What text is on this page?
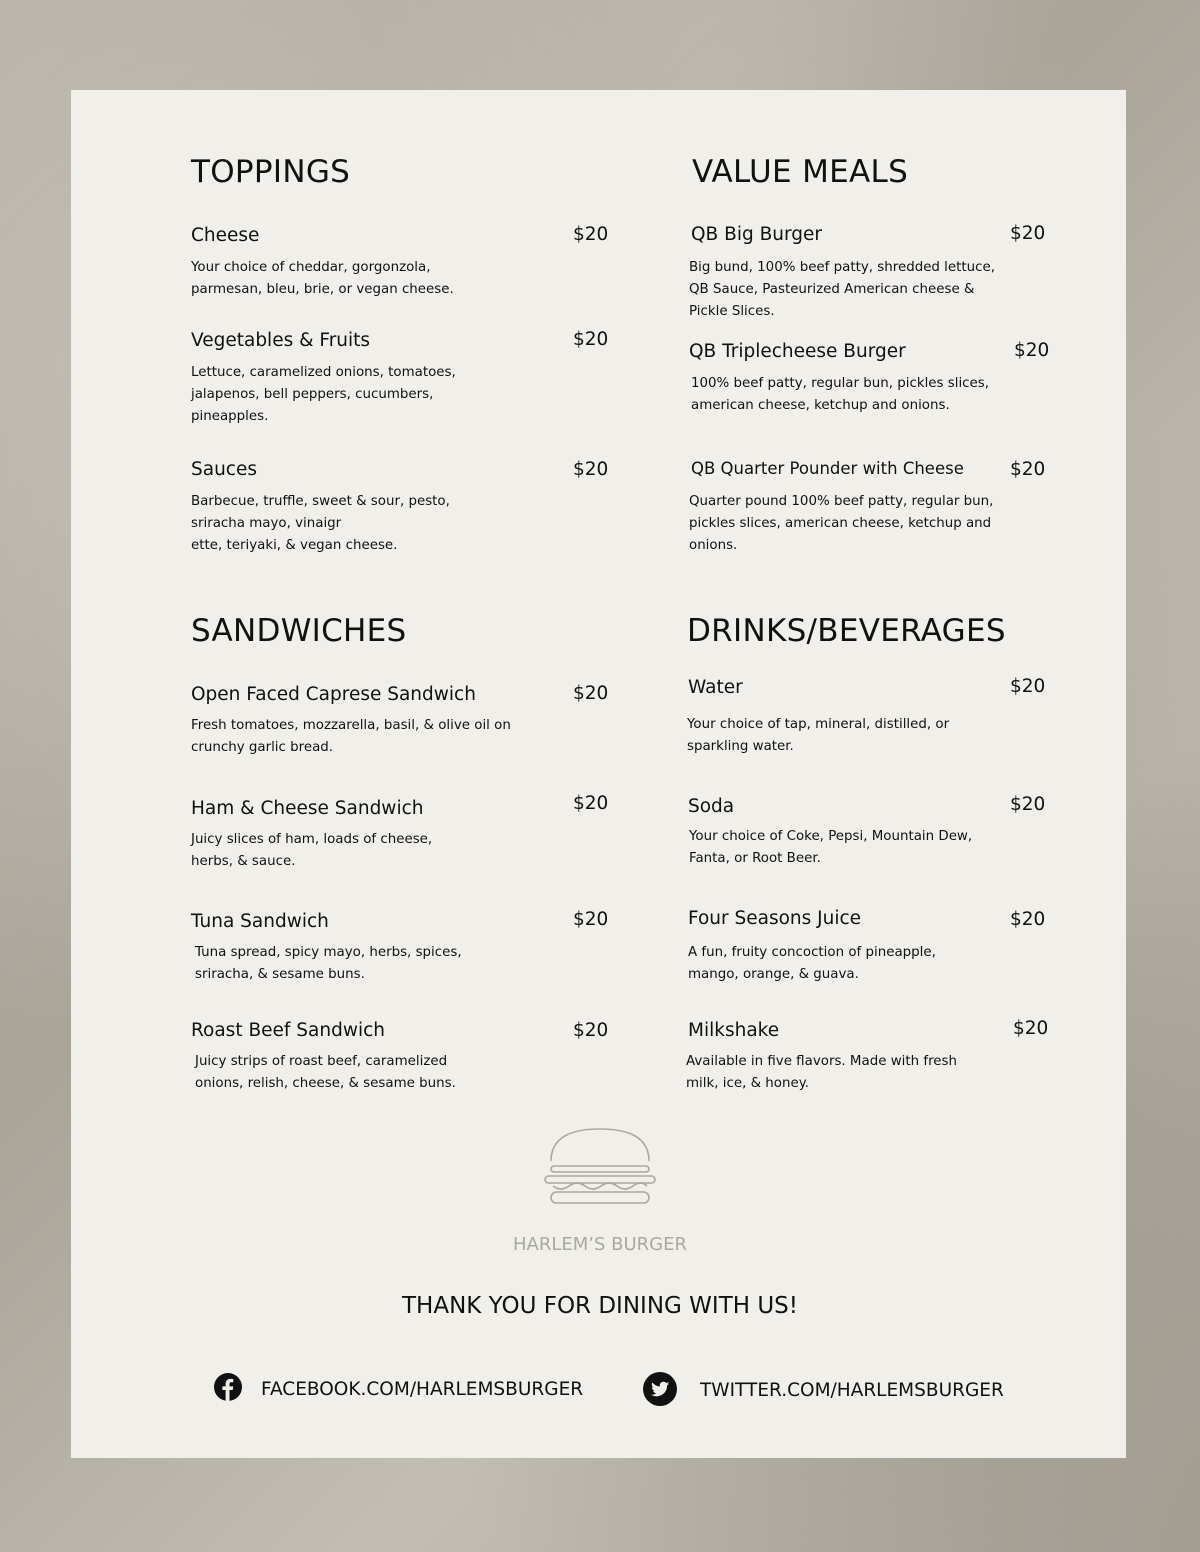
TOPPINGS
Cheese	$20
Your choice of cheddar, gorgonzola,
parmesan, bleu, brie, or vegan cheese.
Vegetables & Fruits	$20
Lettuce, caramelized onions, tomatoes,
jalapenos, bell peppers, cucumbers,
pineapples.
Sauces	$20
Barbecue, truffle, sweet & sour, pesto,
sriracha mayo, vinaigr
ette, teriyaki, & vegan cheese.
SANDWICHES
Open Faced Caprese Sandwich	$20
Fresh tomatoes, mozzarella, basil, & olive oil on
crunchy garlic bread.
Ham & Cheese Sandwich	$20
Juicy slices of ham, loads of cheese,
herbs, & sauce.
Tuna Sandwich	$20
Tuna spread, spicy mayo, herbs, spices,
sriracha, & sesame buns.
Roast Beef Sandwich	$20
Juicy strips of roast beef, caramelized
onions, relish, cheese, & sesame buns.
VALUE MEALS
QB Big Burger	$20
Big bund, 100% beef patty, shredded lettuce,
QB Sauce, Pasteurized American cheese &
Pickle Slices.
QB Triplecheese Burger	$20
100% beef patty, regular bun, pickles slices,
american cheese, ketchup and onions.
QB Quarter Pounder with Cheese $20
Quarter pound 100% beef patty, regular bun,
pickles slices, american cheese, ketchup and
onions.
DRINKS/BEVERAGES
Water	$20
Your choice of tap, mineral, distilled, or
sparkling water.
Soda	$20
Your choice of Coke, Pepsi, Mountain Dew,
Fanta, or Root Beer.
Four Seasons Juice	$20
A fun, fruity concoction of pineapple,
mango, orange, & guava.
Milkshake	$20
Available in five flavors. Made with fresh
milk, ice, & honey.
HARLEM’S BURGER
THANK YOU FOR DINING WITH US!
FACEBOOK.COM/HARLEMSBURGER	TWITTER.COM/HARLEMSBURGER
